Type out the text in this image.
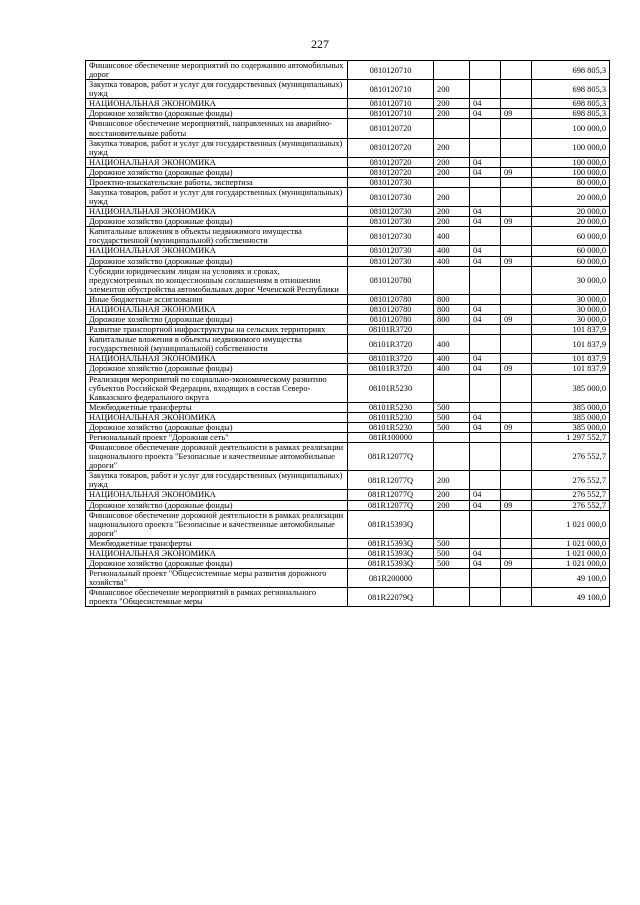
227
Финансовое обеспечение мероприятий по содержанию автомобильных дорог	0810120710				698 805,3
Закупка товаров, работ и услуг для государственных (муниципальных) нужд	0810120710	200			698 805,3
НАЦИОНАЛЬНАЯ ЭКОНОМИКА	0810120710	200	04		698 805,3
Дорожное хозяйство (дорожные фонды)	0810120710	200	04	09	698 805,3
Финансовое обеспечение мероприятий, направленных на аварийно-восстановительные работы	0810120720				100 000,0
Закупка товаров, работ и услуг для государственных (муниципальных) нужд	0810120720	200			100 000,0
НАЦИОНАЛЬНАЯ ЭКОНОМИКА	0810120720	200	04		100 000,0
Дорожное хозяйство (дорожные фонды)	0810120720	200	04	09	100 000,0
Проектно-изыскательские работы, экспертиза	0810120730				80 000,0
Закупка товаров, работ и услуг для государственных (муниципальных) нужд	0810120730	200			20 000,0
НАЦИОНАЛЬНАЯ ЭКОНОМИКА	0810120730	200	04		20 000,0
Дорожное хозяйство (дорожные фонды)	0810120730	200	04	09	20 000,0
Капитальные вложения в объекты недвижимого имущества государственной (муниципальной) собственности	0810120730	400			60 000,0
НАЦИОНАЛЬНАЯ ЭКОНОМИКА	0810120730	400	04		60 000,0
Дорожное хозяйство (дорожные фонды)	0810120730	400	04	09	60 000,0
Субсидии юридическим лицам на условиях и сроках, предусмотренных по концессионным соглашениям в отношении элементов обустройства автомобильных дорог Чеченской Республики	0810120780				30 000,0
Иные бюджетные ассигнования	0810120780	800			30 000,0
НАЦИОНАЛЬНАЯ ЭКОНОМИКА	0810120780	800	04		30 000,0
Дорожное хозяйство (дорожные фонды)	0810120780	800	04	09	30 000,0
Развитие транспортной инфраструктуры на сельских территориях	08101R3720				101 837,9
Капитальные вложения в объекты недвижимого имущества государственной (муниципальной) собственности	08101R3720	400			101 837,9
НАЦИОНАЛЬНАЯ ЭКОНОМИКА	08101R3720	400	04		101 837,9
Дорожное хозяйство (дорожные фонды)	08101R3720	400	04	09	101 837,9
Реализация мероприятий по социально-экономическому развитию субъектов Российской Федерации, входящих в состав Северо-Кавказского федерального округа	08101R5230				385 000,0
Межбюджетные трансферты	08101R5230	500			385 000,0
НАЦИОНАЛЬНАЯ ЭКОНОМИКА	08101R5230	500	04		385 000,0
Дорожное хозяйство (дорожные фонды)	08101R5230	500	04	09	385 000,0
Региональный проект "Дорожная сеть"	081R100000				1 297 552,7
Финансовое обеспечение дорожной деятельности в рамках реализации национального проекта "Безопасные и качественные автомобильные дороги"	081R12077Q				276 552,7
Закупка товаров, работ и услуг для государственных (муниципальных) нужд	081R12077Q	200			276 552,7
НАЦИОНАЛЬНАЯ ЭКОНОМИКА	081R12077Q	200	04		276 552,7
Дорожное хозяйство (дорожные фонды)	081R12077Q	200	04	09	276 552,7
Финансовое обеспечение дорожной деятельности в рамках реализации национального проекта "Безопасные и качественные автомобильные дороги"	081R15393Q				1 021 000,0
Межбюджетные трансферты	081R15393Q	500			1 021 000,0
НАЦИОНАЛЬНАЯ ЭКОНОМИКА	081R15393Q	500	04		1 021 000,0
Дорожное хозяйство (дорожные фонды)	081R15393Q	500	04	09	1 021 000,0
Региональный проект "Общесистемные меры развития дорожного хозяйства"	081R200000				49 100,0
Финансовое обеспечение мероприятий в рамках регионального проекта "Общесистемные меры	081R22079Q				49 100,0
